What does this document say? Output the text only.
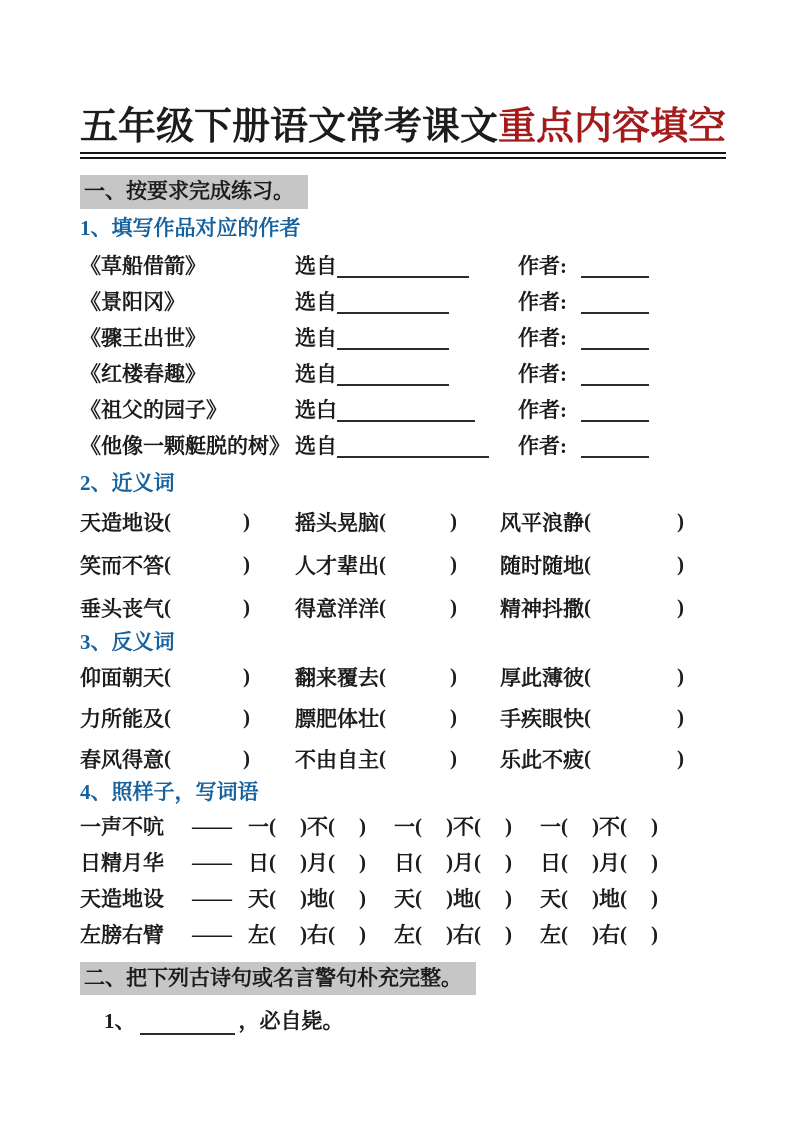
五年级下册语文常考课文重点内容填空
一、按要求完成练习。
1、填写作品对应的作者
《草船借箭》	选自	作者:
《景阳冈》	选自	作者:
《骤王出世》	选自	作者:
《红楼春趣》	选自	作者:
《祖父的园子》	选白	作者:
《他像一颗艇脱的树》 选自	作者:
2、近义词
天造地设 (	) 摇头晃脑 (	) 风平浪静 (	)
笑而不答 (	) 人才辈出 (	) 随时随地 (	)
垂头丧气 (	) 得意洋洋 (	) 精神抖撒 (	)
3、反义词
仰面朝天 (	) 翻来覆去 (	) 厚此薄彼 (	)
力所能及 (	) 膘肥体壮 (	) 手疾眼快 (	)
春风得意 (	) 不由自主 (	) 乐此不疲 (	)
4、照样子，写词语
一声不吭	—— 一 ( ) 不 ( ) 一 ( ) 不 ( ) 一 ( ) 不 ( )
日精月华	—— 日 ( ) 月 ( ) 日 ( ) 月 ( ) 日 ( ) 月 ( )
天造地设	—— 天 ( ) 地 ( ) 天 ( ) 地 ( ) 天 ( ) 地 ( )
左膀右臂	—— 左 ( ) 右 ( ) 左 ( ) 右 ( ) 左 ( ) 右 ( )
二、把下列古诗句或名言警句朴充完整。
1、	，必自毙。
